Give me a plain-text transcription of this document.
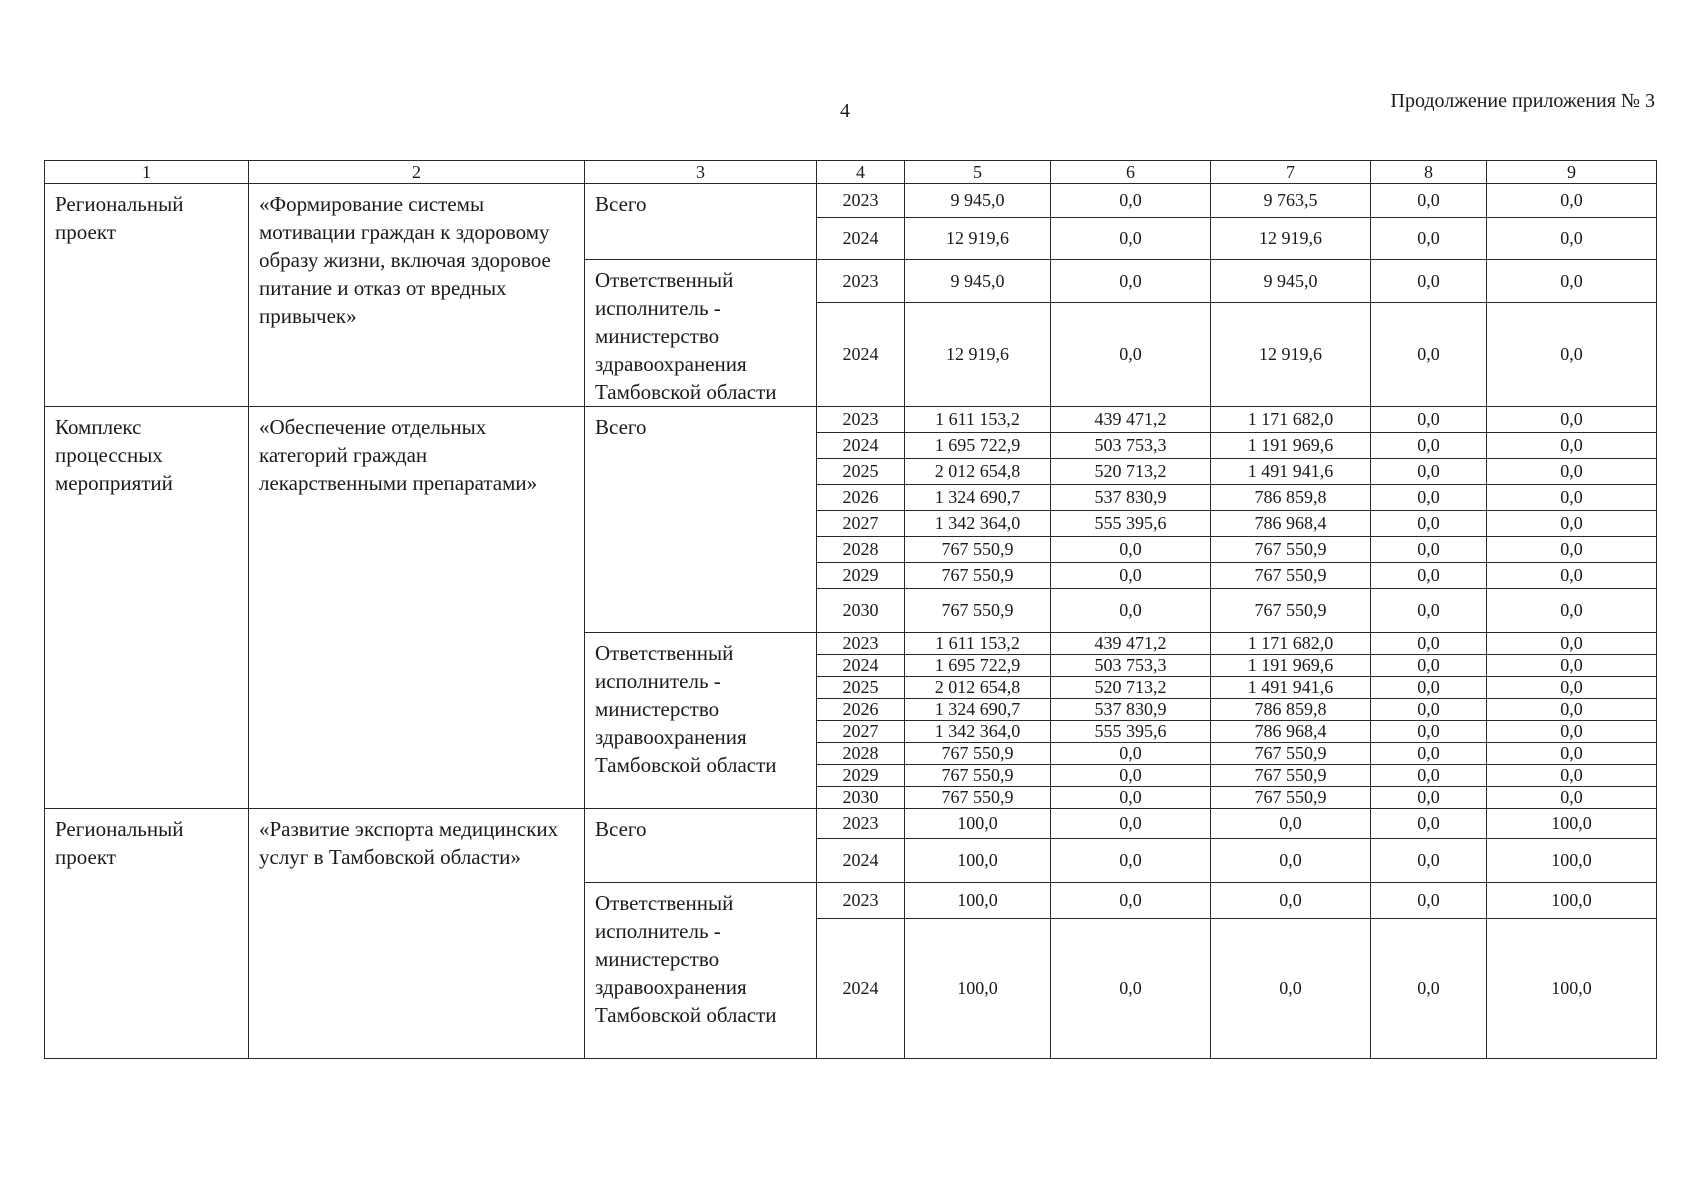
4	Продолжение приложения № 3
1	2	3	4	5	6	7	8	9
Региональный проект	«Формирование системы мотивации граждан к здоровому образу жизни, включая здоровое питание и отказ от вредных привычек»	Всего	2023	9 945,0	0,0	9 763,5	0,0	0,0
			2024	12 919,6	0,0	12 919,6	0,0	0,0
		Ответственный исполнитель - министерство здравоохранения Тамбовской области	2023	9 945,0	0,0	9 945,0	0,0	0,0
			2024	12 919,6	0,0	12 919,6	0,0	0,0
Комплекс процессных мероприятий	«Обеспечение отдельных категорий граждан лекарственными препаратами»	Всего	2023	1 611 153,2	439 471,2	1 171 682,0	0,0	0,0
			2024	1 695 722,9	503 753,3	1 191 969,6	0,0	0,0
			2025	2 012 654,8	520 713,2	1 491 941,6	0,0	0,0
			2026	1 324 690,7	537 830,9	786 859,8	0,0	0,0
			2027	1 342 364,0	555 395,6	786 968,4	0,0	0,0
			2028	767 550,9	0,0	767 550,9	0,0	0,0
			2029	767 550,9	0,0	767 550,9	0,0	0,0
			2030	767 550,9	0,0	767 550,9	0,0	0,0
		Ответственный исполнитель - министерство здравоохранения Тамбовской области	2023	1 611 153,2	439 471,2	1 171 682,0	0,0	0,0
			2024	1 695 722,9	503 753,3	1 191 969,6	0,0	0,0
			2025	2 012 654,8	520 713,2	1 491 941,6	0,0	0,0
			2026	1 324 690,7	537 830,9	786 859,8	0,0	0,0
			2027	1 342 364,0	555 395,6	786 968,4	0,0	0,0
			2028	767 550,9	0,0	767 550,9	0,0	0,0
			2029	767 550,9	0,0	767 550,9	0,0	0,0
			2030	767 550,9	0,0	767 550,9	0,0	0,0
Региональный проект	«Развитие экспорта медицинских услуг в Тамбовской области»	Всего	2023	100,0	0,0	0,0	0,0	100,0
			2024	100,0	0,0	0,0	0,0	100,0
		Ответственный исполнитель - министерство здравоохранения Тамбовской области	2023	100,0	0,0	0,0	0,0	100,0
			2024	100,0	0,0	0,0	0,0	100,0
